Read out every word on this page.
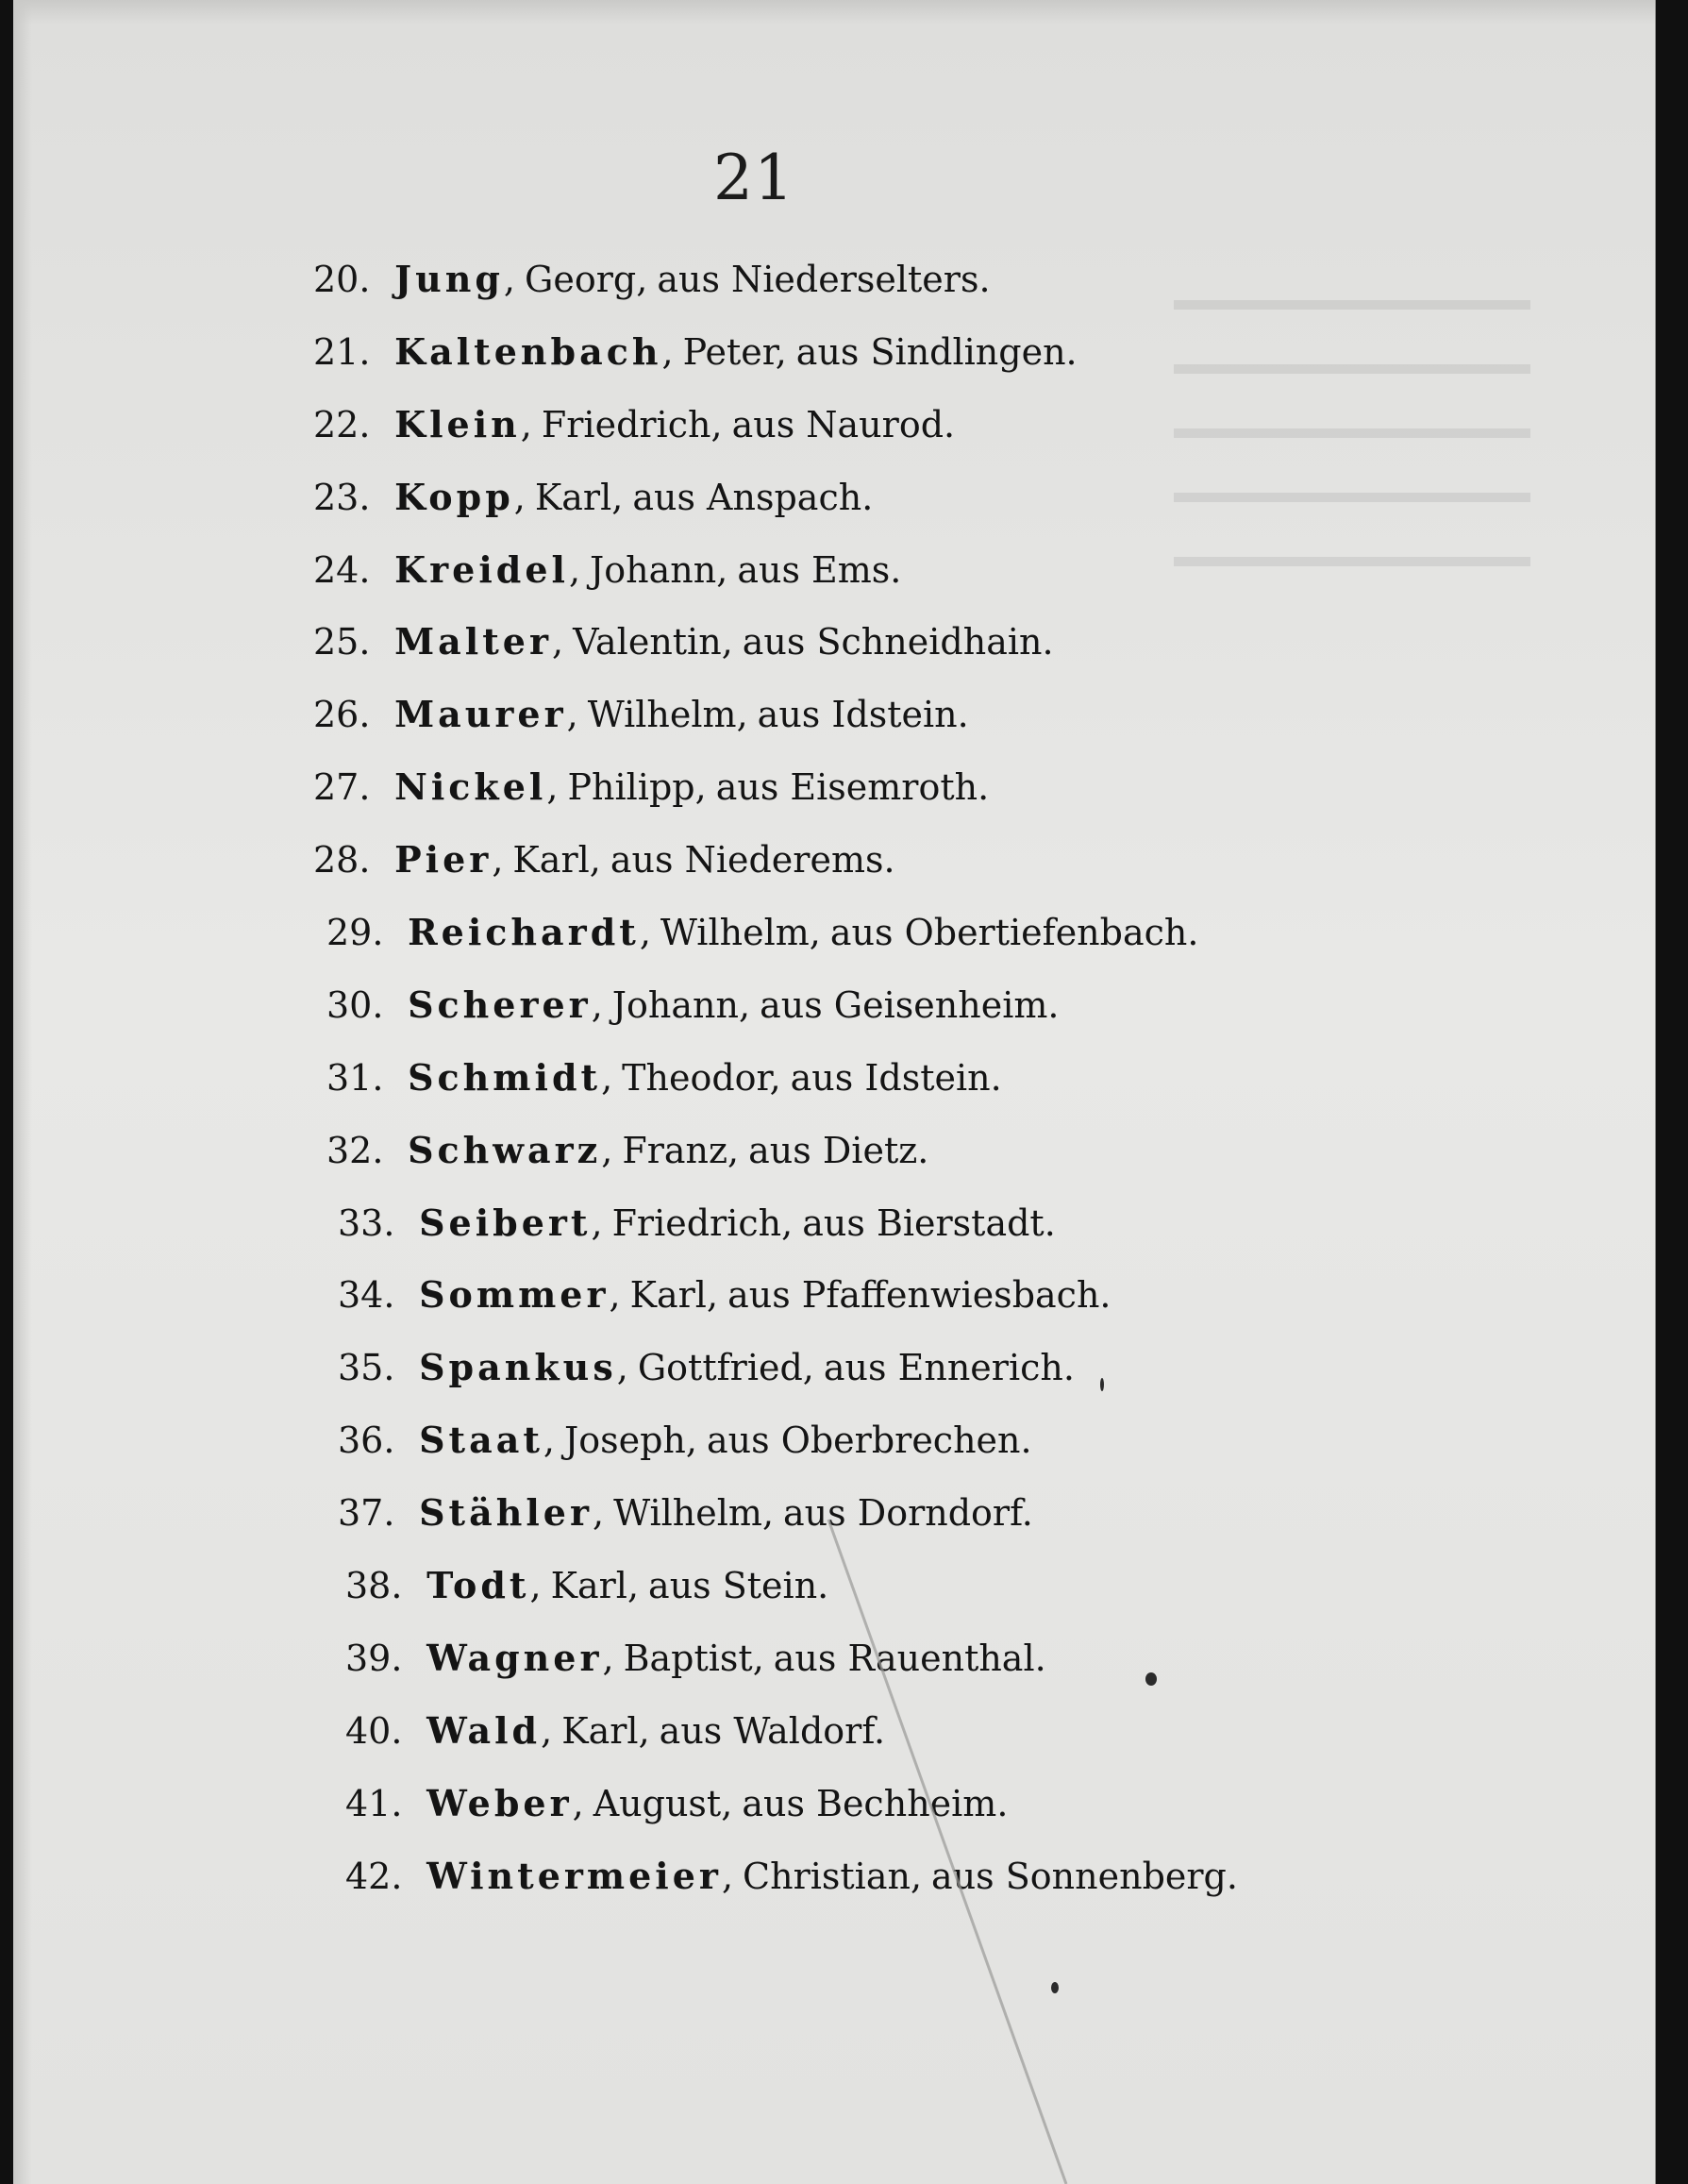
21
20. Jung, Georg, aus Niederselters.
21. Kaltenbach, Peter, aus Sindlingen.
22. Klein, Friedrich, aus Naurod.
23. Kopp, Karl, aus Anspach.
24. Kreidel, Johann, aus Ems.
25. Malter, Valentin, aus Schneidhain.
26. Maurer, Wilhelm, aus Idstein.
27. Nickel, Philipp, aus Eisemroth.
28. Pier, Karl, aus Niederems.
29. Reichardt, Wilhelm, aus Obertiefenbach.
30. Scherer, Johann, aus Geisenheim.
31. Schmidt, Theodor, aus Idstein.
32. Schwarz, Franz, aus Dietz.
33. Seibert, Friedrich, aus Bierstadt.
34. Sommer, Karl, aus Pfaffenwiesbach.
35. Spankus, Gottfried, aus Ennerich.
36. Staat, Joseph, aus Oberbrechen.
37. Stähler, Wilhelm, aus Dorndorf.
38. Todt, Karl, aus Stein.
39. Wagner, Baptist, aus Rauenthal.
40. Wald, Karl, aus Waldorf.
41. Weber, August, aus Bechheim.
42. Wintermeier, Christian, aus Sonnenberg.
